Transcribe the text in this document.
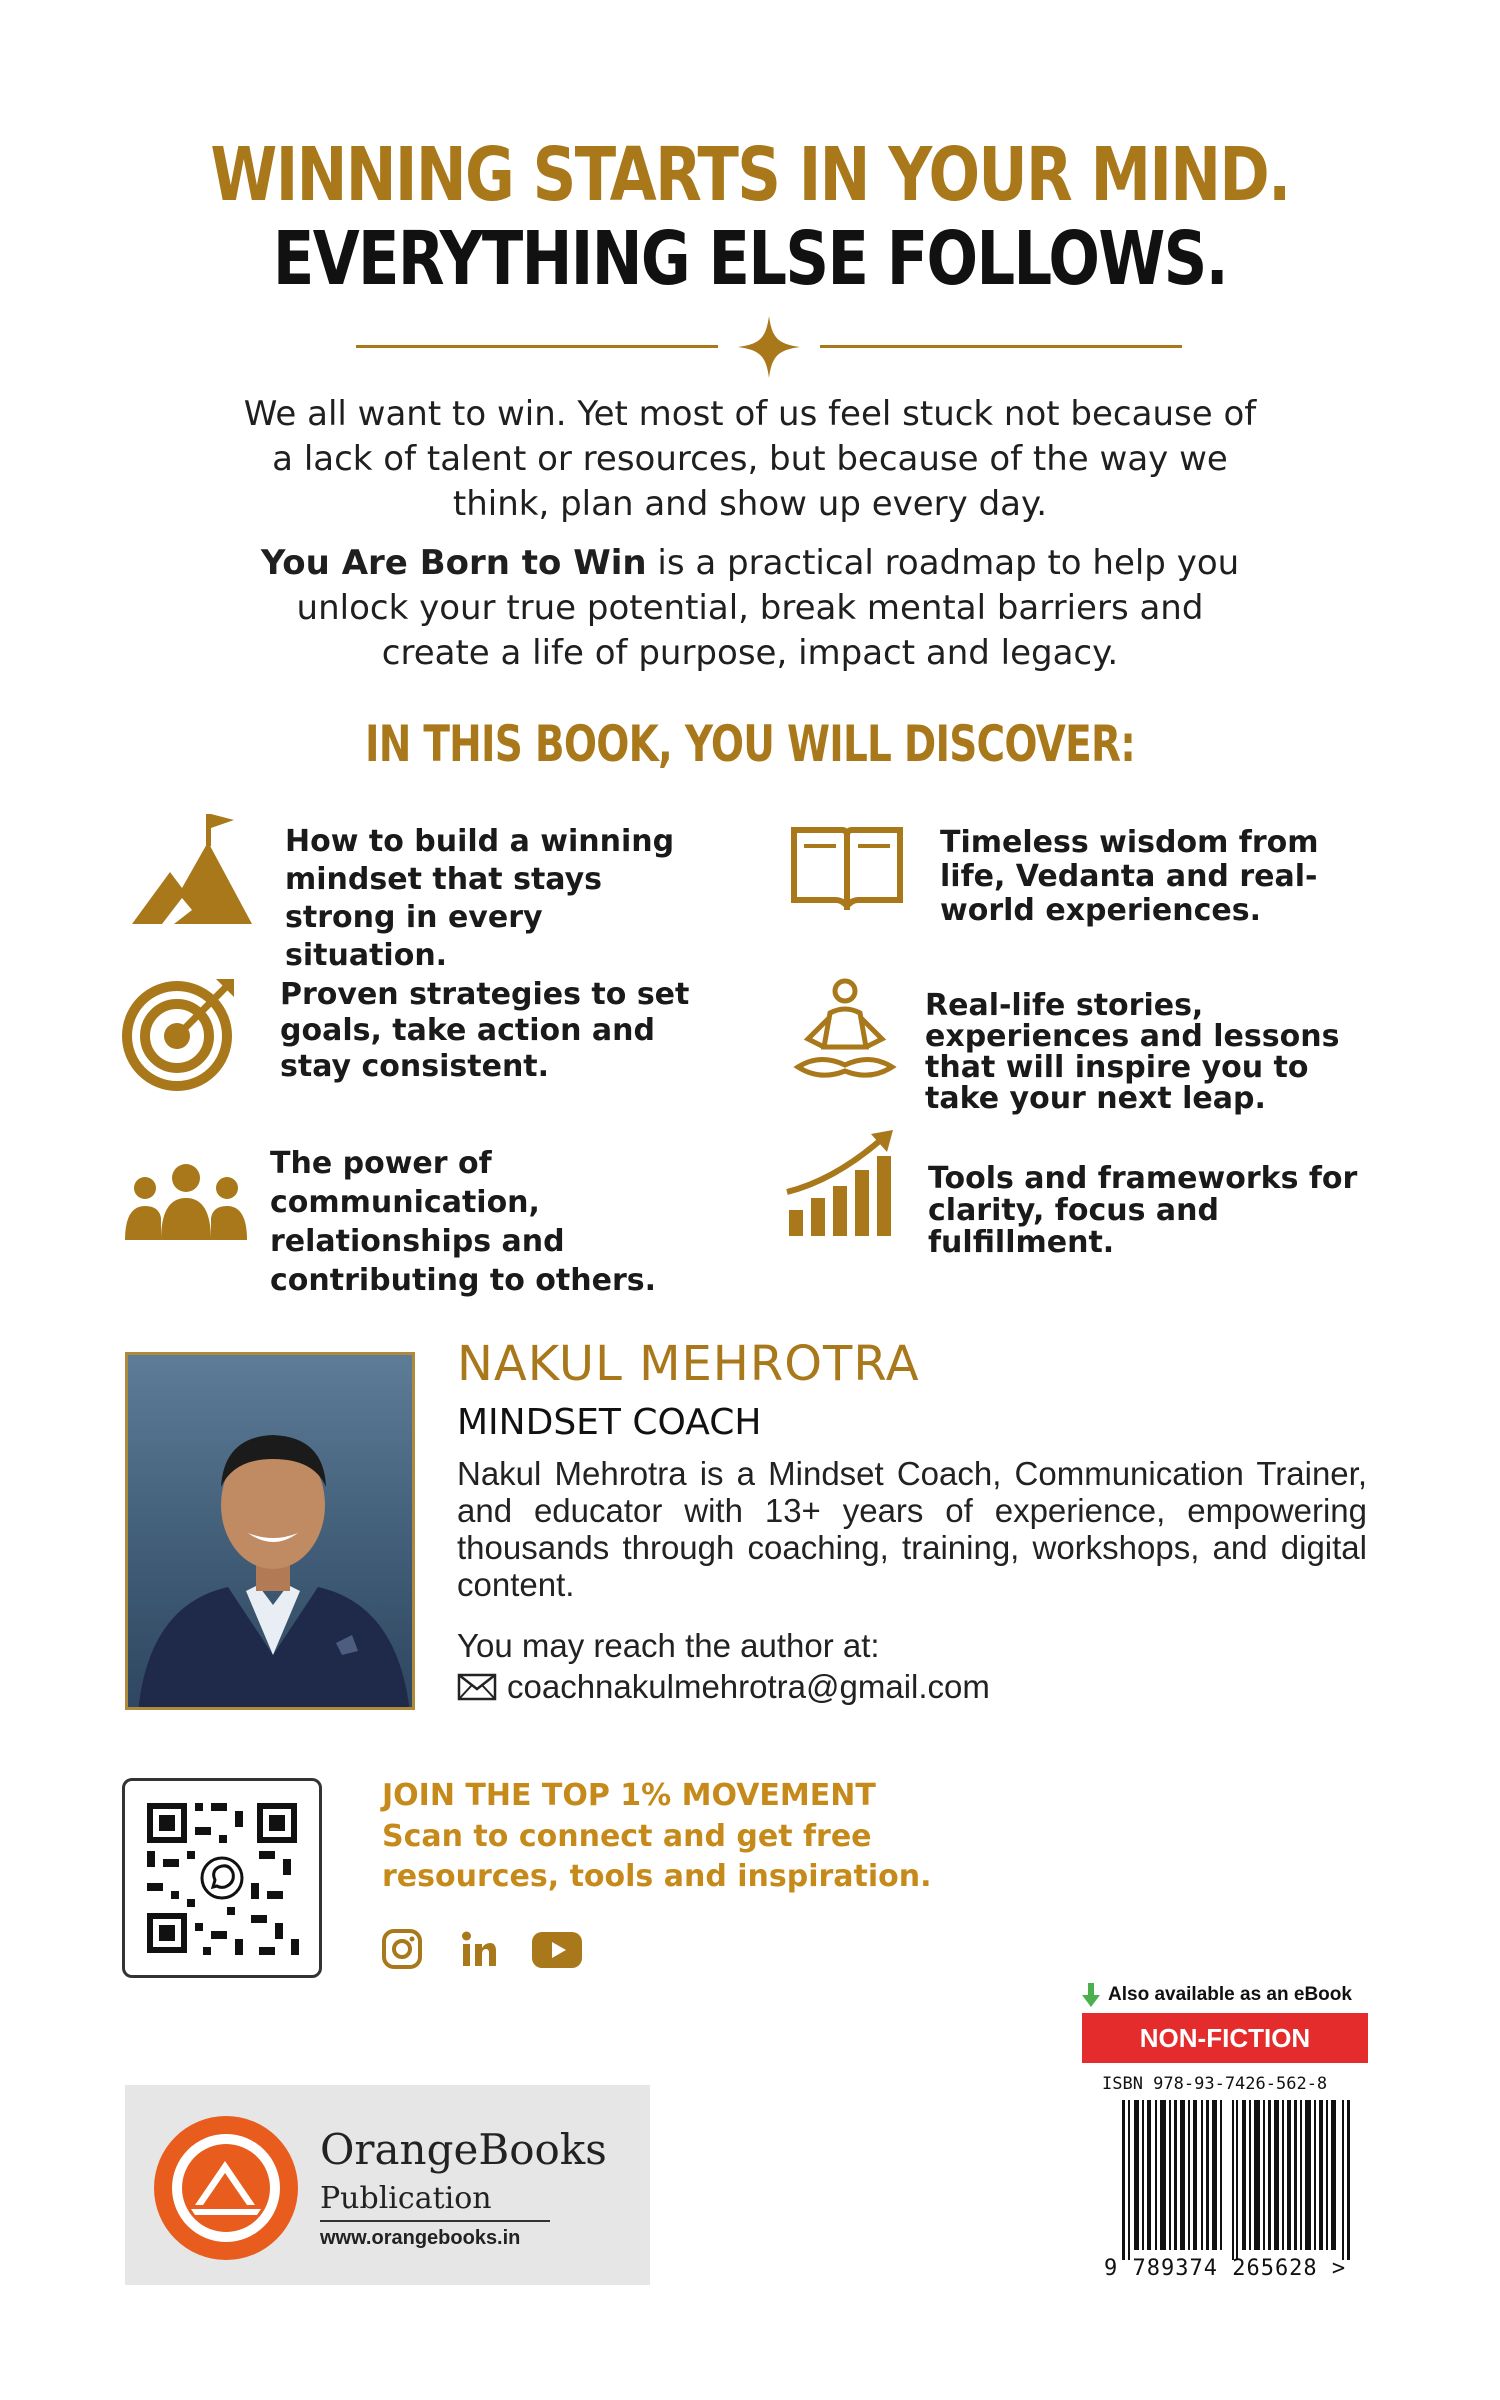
WINNING STARTS IN YOUR MIND.
EVERYTHING ELSE FOLLOWS.
We all want to win. Yet most of us feel stuck not because of a lack of talent or resources, but because of the way we think, plan and show up every day.
You Are Born to Win is a practical roadmap to help you unlock your true potential, break mental barriers and create a life of purpose, impact and legacy.
IN THIS BOOK, YOU WILL DISCOVER:
How to build a winning mindset that stays strong in every situation.
Timeless wisdom from life, Vedanta and real-world experiences.
Proven strategies to set goals, take action and stay consistent.
Real-life stories, experiences and lessons that will inspire you to take your next leap.
The power of communication, relationships and contributing to others.
Tools and frameworks for clarity, focus and fulfillment.
NAKUL MEHROTRA
MINDSET COACH
Nakul Mehrotra is a Mindset Coach, Communication Trainer, and educator with 13+ years of experience, empowering thousands through coaching, training, workshops, and digital content.
You may reach the author at:
coachnakulmehrotra@gmail.com
JOIN THE TOP 1% MOVEMENT
Scan to connect and get free resources, tools and inspiration.
OrangeBooks
Publication
www.orangebooks.in
Also available as an eBook
NON-FICTION
ISBN 978-93-7426-562-8
9 789374 265628 >
